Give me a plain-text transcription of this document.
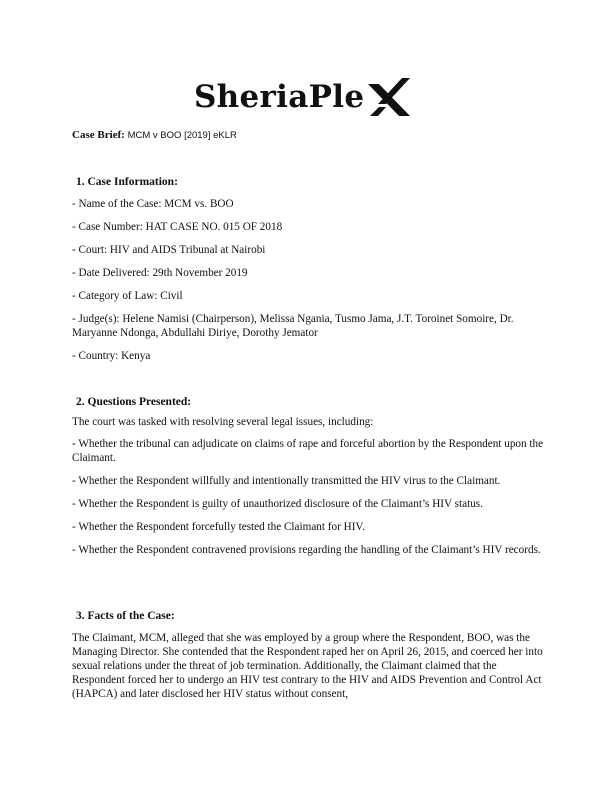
SheriaPle
Case Brief: MCM v BOO [2019] eKLR

1. Case Information:

- Name of the Case: MCM vs. BOO

- Case Number: HAT CASE NO. 015 OF 2018

- Court: HIV and AIDS Tribunal at Nairobi

- Date Delivered: 29th November 2019

- Category of Law: Civil

- Judge(s): Helene Namisi (Chairperson), Melissa Ngania, Tusmo Jama, J.T. Toroinet Somoire, Dr. Maryanne Ndonga, Abdullahi Diriye, Dorothy Jemator

- Country: Kenya

2. Questions Presented:

The court was tasked with resolving several legal issues, including:

- Whether the tribunal can adjudicate on claims of rape and forceful abortion by the Respondent upon the Claimant.

- Whether the Respondent willfully and intentionally transmitted the HIV virus to the Claimant.

- Whether the Respondent is guilty of unauthorized disclosure of the Claimant’s HIV status.

- Whether the Respondent forcefully tested the Claimant for HIV.

- Whether the Respondent contravened provisions regarding the handling of the Claimant’s HIV records.

3. Facts of the Case:

The Claimant, MCM, alleged that she was employed by a group where the Respondent, BOO, was the Managing Director. She contended that the Respondent raped her on April 26, 2015, and coerced her into sexual relations under the threat of job termination. Additionally, the Claimant claimed that the Respondent forced her to undergo an HIV test contrary to the HIV and AIDS Prevention and Control Act (HAPCA) and later disclosed her HIV status without consent,
